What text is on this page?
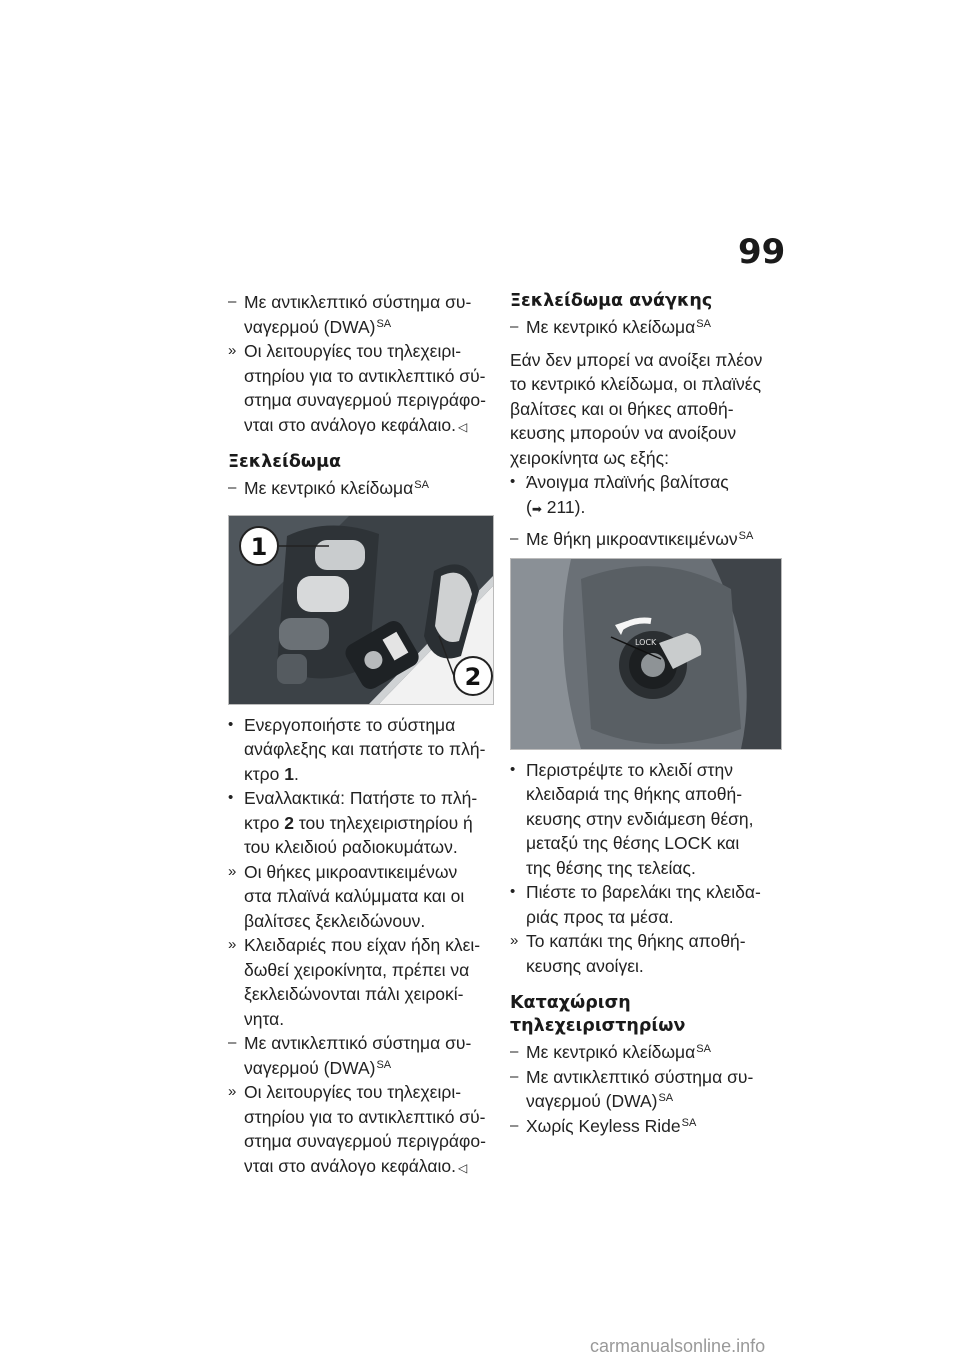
99
– Με αντικλεπτικό σύστημα συ-
ναγερμού (DWA)$^{SA}$
» Οι λειτουργίες του τηλεχειρι-
στηρίου για το αντικλεπτικό σύ-
στημα συναγερμού περιγράφο-
νται στο ανάλογο κεφάλαιο. ◁
Ξεκλείδωμα
– Με κεντρικό κλείδωμα$^{SA}$
1
2
• Ενεργοποιήστε το σύστημα
ανάφλεξης και πατήστε το πλή-
κτρο 1.
• Εναλλακτικά: Πατήστε το πλή-
κτρο 2 του τηλεχειριστηρίου ή
του κλειδιού ραδιοκυμάτων.
» Οι θήκες μικροαντικειμένων
στα πλαϊνά καλύμματα και οι
βαλίτσες ξεκλειδώνουν.
» Κλειδαριές που είχαν ήδη κλει-
δωθεί χειροκίνητα, πρέπει να
ξεκλειδώνονται πάλι χειροκί-
νητα.
– Με αντικλεπτικό σύστημα συ-
ναγερμού (DWA)$^{SA}$
» Οι λειτουργίες του τηλεχειρι-
στηρίου για το αντικλεπτικό σύ-
στημα συναγερμού περιγράφο-
νται στο ανάλογο κεφάλαιο. ◁
Ξεκλείδωμα ανάγκης
– Με κεντρικό κλείδωμα$^{SA}$
Εάν δεν μπορεί να ανοίξει πλέον
το κεντρικό κλείδωμα, οι πλαϊνές
βαλίτσες και οι θήκες αποθή-
κευσης μπορούν να ανοίξουν
χειροκίνητα ως εξής:
• Άνοιγμα πλαϊνής βαλίτσας
(➡ 211).
– Με θήκη μικροαντικειμένων$^{SA}$
LOCK
• Περιστρέψτε το κλειδί στην
κλειδαριά της θήκης αποθή-
κευσης στην ενδιάμεση θέση,
μεταξύ της θέσης LOCK και
της θέσης της τελείας.
• Πιέστε το βαρελάκι της κλειδα-
ριάς προς τα μέσα.
» Το καπάκι της θήκης αποθή-
κευσης ανοίγει.
Καταχώριση
τηλεχειριστηρίων
– Με κεντρικό κλείδωμα$^{SA}$
– Με αντικλεπτικό σύστημα συ-
ναγερμού (DWA)$^{SA}$
– Χωρίς Keyless Ride$^{SA}$
carmanualsonline.info
